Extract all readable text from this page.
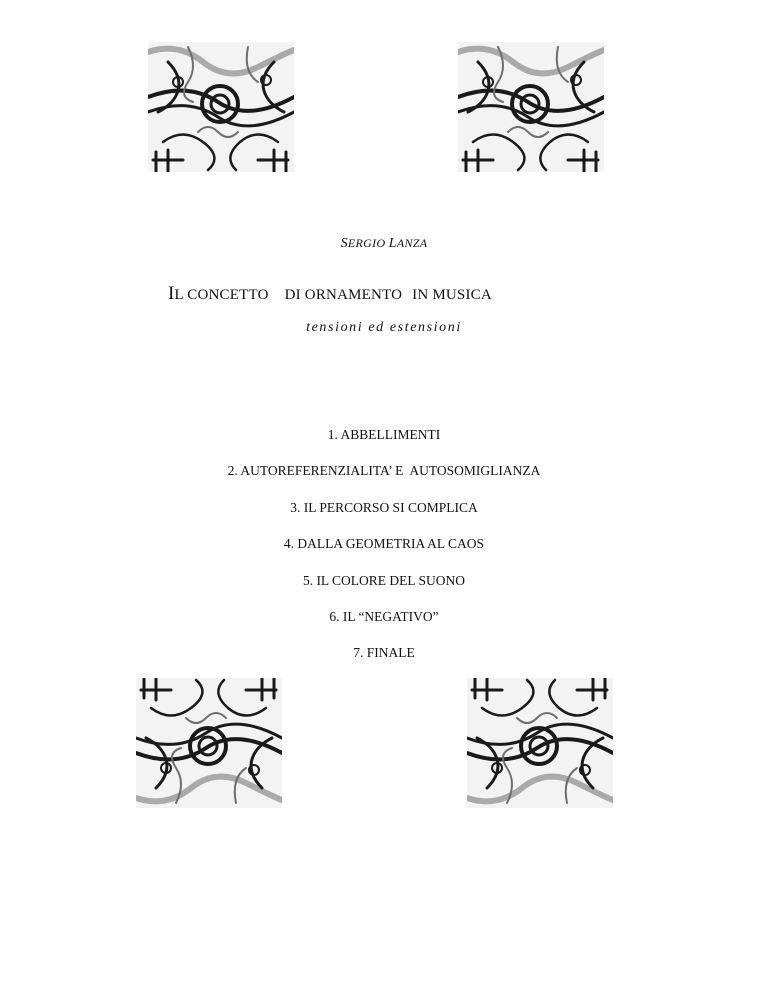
SERGIO LANZA
IL CONCETTO DI ORNAMENTO IN MUSICA
tensioni ed estensioni
1. ABBELLIMENTI
2. AUTOREFERENZIALITA’ E  AUTOSOMIGLIANZA
3. IL PERCORSO SI COMPLICA
4. DALLA GEOMETRIA AL CAOS
5. IL COLORE DEL SUONO
6. IL “NEGATIVO”
7. FINALE
